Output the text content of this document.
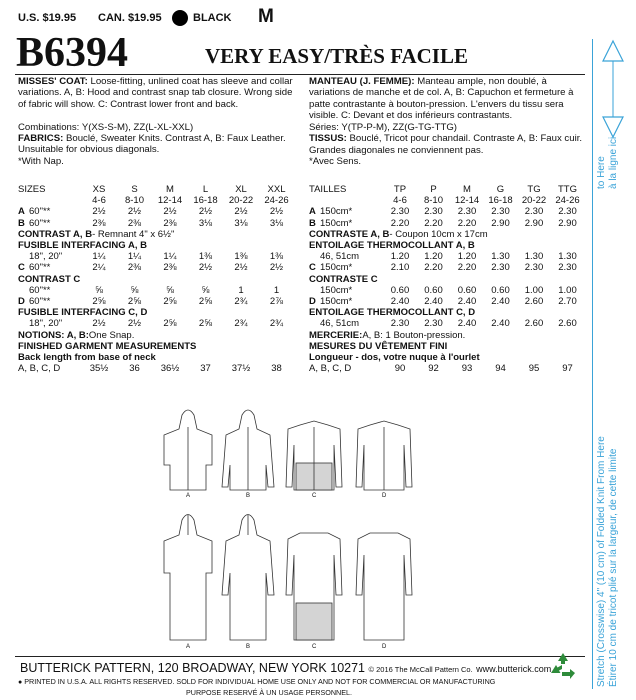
U.S. $19.95 CAN. $19.95	BLACK M
B6394	VERY EASY/TRÈS FACILE
MISSES' COAT: Loose-fitting, unlined coat has sleeve and collar variations. A, B: Hood and contrast snap tab closure. Wrong side of fabric will show. C: Contrast lower front and back.
Combinations: Y(XS-S-M), ZZ(L-XL-XXL)
FABRICS: Bouclé, Sweater Knits. Contrast A, B: Faux Leather. Unsuitable for obvious diagonals.
*With Nap.
XS	S	M	L	XL	XXL
SIZES
4-6	8-10	12-14	16-18	20-22	24-26
A 60"**	2½	2½	2½	2½	2½	2½
B 60"**	2⅜	2⅜	2⅜	3⅛	3⅛	3⅛
CONTRAST A, B- Remnant 4" x 6½"
FUSIBLE INTERFACING A, B
18", 20"	1¼	1¼	1¼	1⅜	1⅜	1⅜
C 60"**	2¼	2⅜	2⅜	2½	2½	2½
CONTRAST C
60"**	⅝	⅝	⅝	⅝	1	1
D 60"**	2⅝	2⅝	2⅝	2⅝	2¾	2⅞
FUSIBLE INTERFACING C, D
18", 20"	2½	2½	2⅝	2⅝	2¾	2¾
NOTIONS: A, B:One Snap.
FINISHED GARMENT MEASUREMENTS
Back length from base of neck
A, B, C, D	35½	36	36½	37	37½	38
MANTEAU (J. FEMME): Manteau ample, non doublé, à variations de manche et de col. A, B: Capuchon et fermeture à patte contrastante à bouton-pression. L'envers du tissu sera visible. C: Devant et dos inférieurs contrastants.
Séries: Y(TP-P-M), ZZ(G-TG-TTG)
TISSUS: Bouclé, Tricot pour chandail. Contraste A, B: Faux cuir. Grandes diagonales ne conviennent pas.
*Avec Sens.
TP	P	M	G	TG	TTG
TAILLES
4-6	8-10	12-14 16-18 20-22 24-26
A 150cm*	2.30	2.30	2.30	2.30	2.30	2.30
B 150cm*	2.20	2.20	2.20	2.90	2.90	2.90
CONTRASTE A, B- Coupon 10cm x 17cm
ENTOILAGE THERMOCOLLANT A, B
46, 51cm	1.20	1.20	1.20	1.30	1.30	1.30
C 150cm*	2.10	2.20	2.20	2.30	2.30	2.30
CONTRASTE C
150cm*	0.60	0.60	0.60	0.60	1.00	1.00
D 150cm*	2.40	2.40	2.40	2.40	2.60	2.70
ENTOILAGE THERMOCOLLANT C, D
46, 51cm	2.30	2.30	2.40	2.40	2.60	2.60
MERCERIE:A, B: 1 Bouton-pression.
MESURES DU VÊTEMENT FINI
Longueur - dos, votre nuque à l'ourlet
A, B, C, D	90	92	93	94	95	97
A	B	C	D
A	B	C	D
to Here à la ligne ici
Stretch (Crosswise) 4" (10 cm) of Folded Knit From Here Étirer 10 cm de tricot plié sur la largeur, de cette limite
BUTTERICK PATTERN, 120 BROADWAY, NEW YORK 10271 © 2016 The McCall Pattern Co. www.butterick.com
● PRINTED IN U.S.A. ALL RIGHTS RESERVED. SOLD FOR INDIVIDUAL HOME USE ONLY AND NOT FOR COMMERCIAL OR MANUFACTURING
PURPOSE RESERVÉ À UN USAGE PERSONNEL.
